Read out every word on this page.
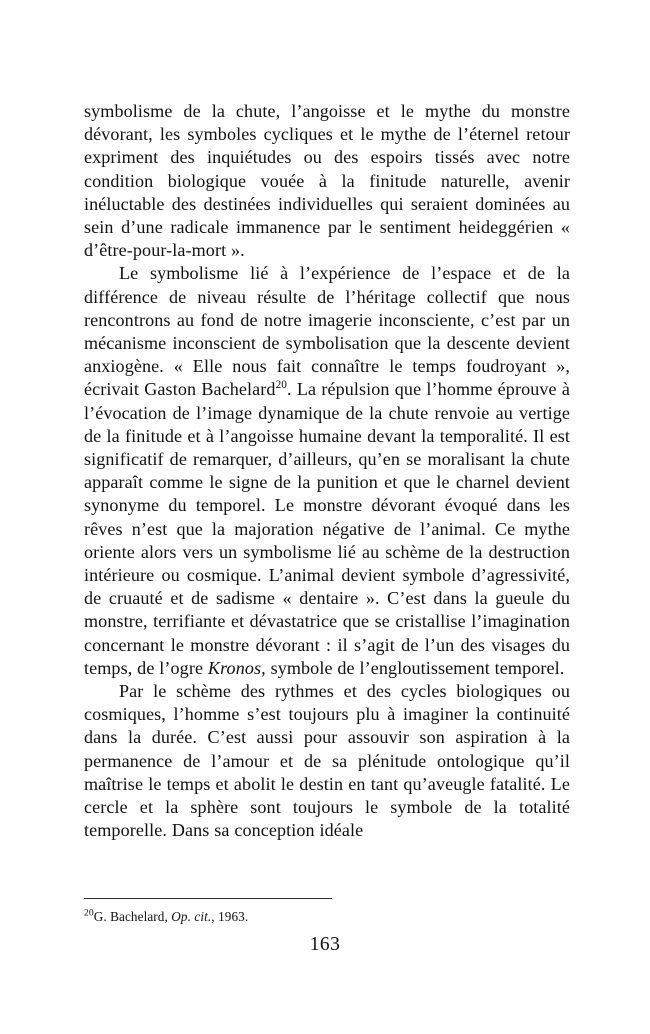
symbolisme de la chute, l’angoisse et le mythe du monstre dévorant, les symboles cycliques et le mythe de l’éternel retour expriment des inquiétudes ou des espoirs tissés avec notre condition biologique vouée à la finitude naturelle, avenir inéluctable des destinées individuelles qui seraient dominées au sein d’une radicale immanence par le sentiment heideggérien « d’être-pour-la-mort ».

Le symbolisme lié à l’expérience de l’espace et de la différence de niveau résulte de l’héritage collectif que nous rencontrons au fond de notre imagerie inconsciente, c’est par un mécanisme inconscient de symbolisation que la descente devient anxiogène. « Elle nous fait connaître le temps foudroyant », écrivait Gaston Bachelard$^{20}$. La répulsion que l’homme éprouve à l’évocation de l’image dynamique de la chute renvoie au vertige de la finitude et à l’angoisse humaine devant la temporalité. Il est significatif de remarquer, d’ailleurs, qu’en se moralisant la chute apparaît comme le signe de la punition et que le charnel devient synonyme du temporel. Le monstre dévorant évoqué dans les rêves n’est que la majoration négative de l’animal. Ce mythe oriente alors vers un symbolisme lié au schème de la destruction intérieure ou cosmique. L’animal devient symbole d’agressivité, de cruauté et de sadisme « dentaire ». C’est dans la gueule du monstre, terrifiante et dévastatrice que se cristallise l’imagination concernant le monstre dévorant : il s’agit de l’un des visages du temps, de l’ogre Kronos, symbole de l’engloutissement temporel.

Par le schème des rythmes et des cycles biologiques ou cosmiques, l’homme s’est toujours plu à imaginer la continuité dans la durée. C’est aussi pour assouvir son aspiration à la permanence de l’amour et de sa plénitude ontologique qu’il maîtrise le temps et abolit le destin en tant qu’aveugle fatalité. Le cercle et la sphère sont toujours le symbole de la totalité temporelle. Dans sa conception idéale

$^{20}$G. Bachelard, Op. cit., 1963.

163
